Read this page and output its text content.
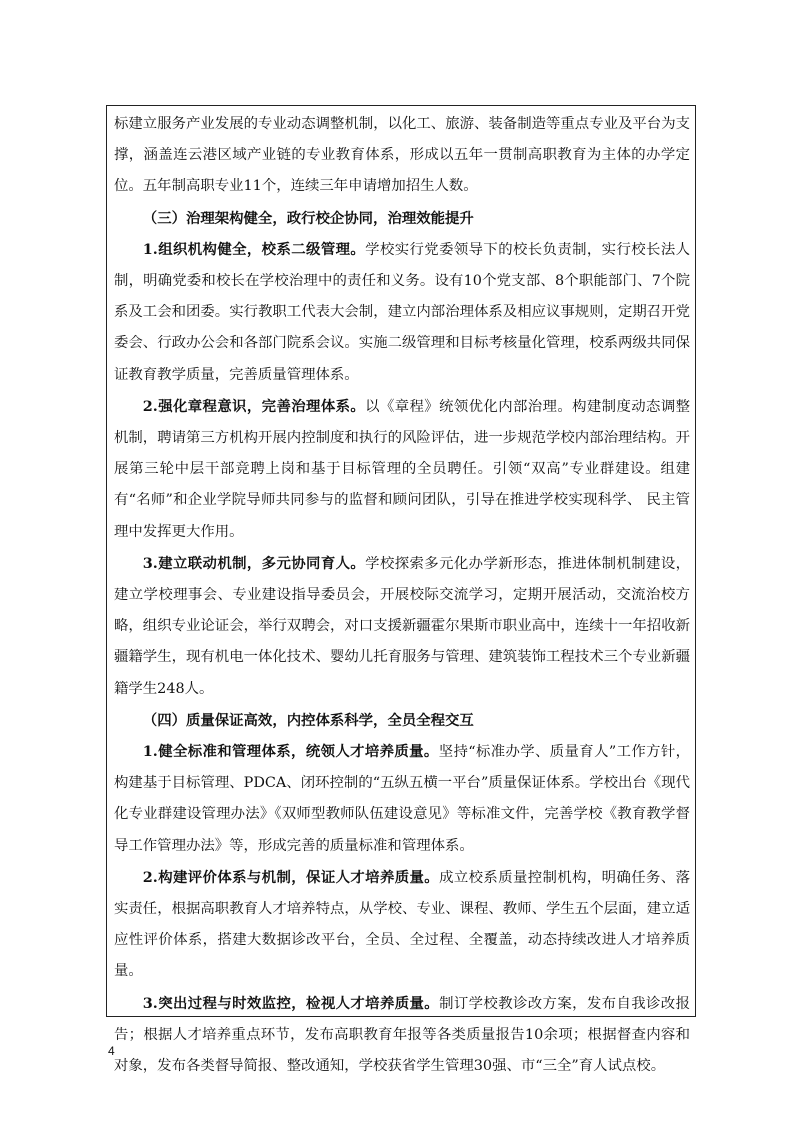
标建立服务产业发展的专业动态调整机制，以化工、旅游、装备制造等重点专业及平台为支撑，涵盖连云港区域产业链的专业教育体系，形成以五年一贯制高职教育为主体的办学定位。五年制高职专业11个，连续三年申请增加招生人数。

（三）治理架构健全，政行校企协同，治理效能提升

1.组织机构健全，校系二级管理。学校实行党委领导下的校长负责制，实行校长法人制，明确党委和校长在学校治理中的责任和义务。设有10个党支部、8个职能部门、7个院系及工会和团委。实行教职工代表大会制，建立内部治理体系及相应议事规则，定期召开党委会、行政办公会和各部门院系会议。实施二级管理和目标考核量化管理，校系两级共同保证教育教学质量，完善质量管理体系。

2.强化章程意识，完善治理体系。以《章程》统领优化内部治理。构建制度动态调整机制，聘请第三方机构开展内控制度和执行的风险评估，进一步规范学校内部治理结构。开展第三轮中层干部竞聘上岗和基于目标管理的全员聘任。引领“双高”专业群建设。组建有“名师”和企业学院导师共同参与的监督和顾问团队，引导在推进学校实现科学、 民主管理中发挥更大作用。

3.建立联动机制，多元协同育人。学校探索多元化办学新形态，推进体制机制建设，建立学校理事会、专业建设指导委员会，开展校际交流学习，定期开展活动，交流治校方略，组织专业论证会，举行双聘会，对口支援新疆霍尔果斯市职业高中，连续十一年招收新疆籍学生，现有机电一体化技术、婴幼儿托育服务与管理、建筑装饰工程技术三个专业新疆籍学生248人。

（四）质量保证高效，内控体系科学，全员全程交互

1.健全标准和管理体系，统领人才培养质量。坚持“标准办学、质量育人”工作方针，构建基于目标管理、PDCA、闭环控制的“五纵五横一平台”质量保证体系。学校出台《现代化专业群建设管理办法》《双师型教师队伍建设意见》等标准文件，完善学校《教育教学督导工作管理办法》等，形成完善的质量标准和管理体系。

2.构建评价体系与机制，保证人才培养质量。成立校系质量控制机构，明确任务、落实责任，根据高职教育人才培养特点，从学校、专业、课程、教师、学生五个层面，建立适应性评价体系，搭建大数据诊改平台，全员、全过程、全覆盖，动态持续改进人才培养质量。

3.突出过程与时效监控，检视人才培养质量。制订学校教诊改方案，发布自我诊改报告；根据人才培养重点环节，发布高职教育年报等各类质量报告10余项；根据督查内容和对象，发布各类督导简报、整改通知，学校获省学生管理30强、市“三全”育人试点校。

4
